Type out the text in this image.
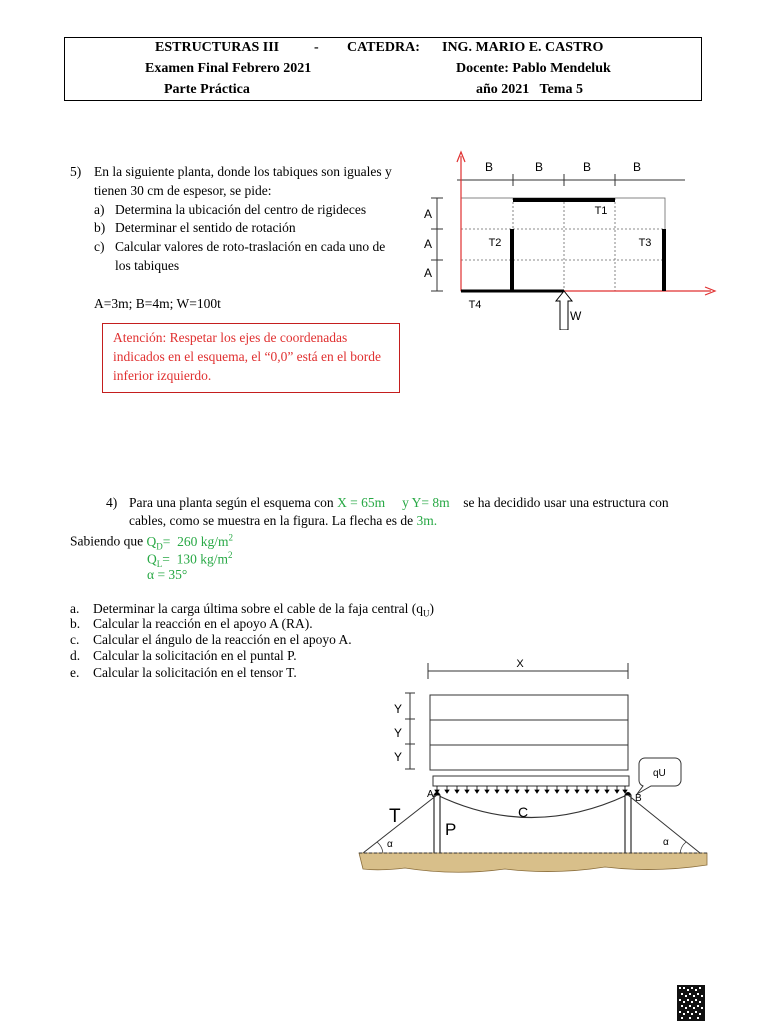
ESTRUCTURAS III - CATEDRA: ING. MARIO E. CASTRO
Examen Final Febrero 2021	Docente: Pablo Mendeluk
Parte Práctica	año 2021   Tema 5
5) En la siguiente planta, donde los tabiques son iguales y
tienen 30 cm de espesor, se pide:
a) Determina la ubicación del centro de rigideces
b) Determinar el sentido de rotación
c) Calcular valores de roto-traslación en cada uno de
los tabiques
A=3m; B=4m; W=100t
Atención: Respetar los ejes de coordenadas
indicados en el esquema, el “0,0” está en el borde
inferior izquierdo.
B	B	B	B
A
A
A
T1
T2	T3
T4
W
4) Para una planta según el esquema con X = 65m y Y= 8m se ha decidido usar una estructura con
cables, como se muestra en la figura. La flecha es de 3m.
Sabiendo que $Q_D= 260$ $kg/m^2$
$Q_L= 130$ $kg/m^2$
α = 35°
a. Determinar la carga última sobre el cable de la faja central $(q_U)$
b. Calcular la reacción en el apoyo A (RA).
c. Calcular el ángulo de la reacción en el apoyo A.
d. Calcular la solicitación en el puntal P.
e. Calcular la solicitación en el tensor T.
X
Y
Y
Y
qU
C
A	B
P
T
α	α
